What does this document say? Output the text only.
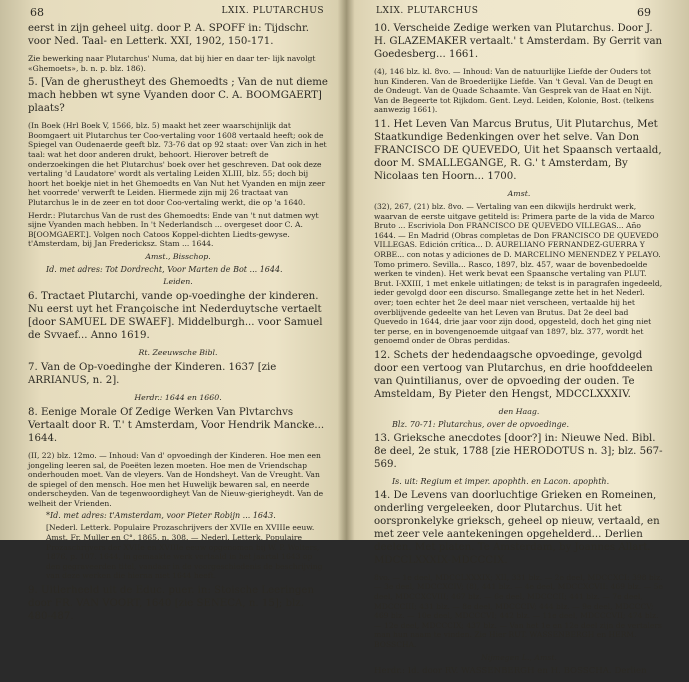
68	LXIX. PLUTARCHUS

eerst in zijn geheel uitg. door P. A. SPOFF in: Tijdschr. voor Ned. Taal- en Letterk. XXI, 1902, 150-171.

Zie bewerking naar Plutarchus' Numa, dat bij hier en daar ter- lijk navolgt «Ghemoets», b. n. p. blz. 186).

5. [Van de gherustheyt des Ghemoedts ; Van de nut dieme mach hebben wt syne Vyanden door C. A. BOOMGAERT] plaats?

(In Boek (Hrl Boek V, 1566, blz. 5) maakt het zeer waarschijnlijk dat Boomgaert uit Plutarchus ter Coo-vertaling voor 1608 vertaald heeft; ook de Spiegel van Oudenaerde geeft blz. 73-76 dat op 92 staat: over Van zich in het taal: wat het door anderen drukt, behoort. Hierover betreft de onderzoekingen die het Plutarchus' boek over het geschreven. Dat ook deze vertaling 'd Laudatore' wordt als vertaling Leiden XLIII, blz. 55; doch bij hoort het boekje niet in het Ghemoedts en Van Nut het Vyanden en mijn zeer het voorrede' verwerft te Leiden. Hiermede zijn mij 26 tractaat van Plutarchus le in de zeer en tot door Coo-vertaling werkt, die op 'a 1640.

Herdr.: Plutarchus Van de rust des Ghemoedts: Ende van 't nut datmen wyt sijne Vyanden mach hebben. In 't Nederlandsch ... overgeset door C. A. B[OOMGAERT.]. Volgen noch Catoos Koppel-dichten Liedts-gewyse. t'Amsterdam, bij Jan Fredericksz. Stam ... 1644.

Amst., Bisschop.

Id. met adres: Tot Dordrecht, Voor Marten de Bot ... 1644.

Leiden.

6. Tractaet Plutarchi, vande op-voedinghe der kinderen. Nu eerst uyt het Françoische int Nederduytsche vertaelt [door SAMUEL DE SWAEF]. Middelburgh... voor Samuel de Svvaef... Anno 1619.

Rt. Zeeuwsche Bibl.

7. Van de Op-voedinghe der Kinderen. 1637 [zie ARRIANUS, n. 2].

Herdr.: 1644 en 1660.

8. Eenige Morale Of Zedige Werken Van Plvtarchvs Vertaalt door R. T.' t Amsterdam, Voor Hendrik Mancke... 1644.

(II, 22) blz. 12mo. — Inhoud: Van d' opvoedingh der Kinderen. Hoe men een jongeling leeren sal, de Poeëten lezen moeten. Hoe men de Vriendschap onderhouden moet. Van de vleyers. Van de Hondsheyt. Van de Vreught. Van de spiegel of den mensch. Hoe men het Huwelijk bewaren sal, en neerde onderscheyden. Van de tegenwoordigheyt Van de Nieuw-gierigheydt. Van de welheit der Vrienden.

*Id. met adres: t'Amsterdam, voor Pieter Robijn ... 1643.

[Nederl. Letterk. Populaire Prozaschrijvers der XVIIe en XVIIIe eeuw. Amst. Fr. Muller en C°, 1865, n. 308. — Nederl. Letterk. Populaire Prozaschrijvers der XVIIe en XVIIIe eeuw opgenomen bij W. P. Wolters, 1876, p. 107. 1644, in gemaakte werk vertaald in het jaartal 1643 op den gegraveerden titel, vandaar in de voorgeschiedenis de beschrijving van deze werken die hierna niet 1644 heeft.

9. Uitlerheeld uit de Educ. puer. in: Stoische Leeringen door FR. VAN VOORT, 1640 [zie SENECA, n. 15]; blz. 480-487.

LXIX. PLUTARCHUS	69

10. Verscheide Zedige werken van Plutarchus. Door J. H. GLAZEMAKER vertaalt.' t Amsterdam. By Gerrit van Goedesberg... 1661.

(4), 146 blz. kl. 8vo. — Inhoud: Van de natuurlijke Liefde der Ouders tot hun Kinderen. Van de Broederlijke Liefde. Van 't Geval. Van de Deugt en de Ondeugt. Van de Quade Schaamte. Van Gesprek van de Haat en Nijt. Van de Begeerte tot Rijkdom. Gent. Leyd. Leiden, Kolonie, Bost. (telkens aanwezig 1661).

11. Het Leven Van Marcus Brutus, Uit Plutarchus, Met Staatkundige Bedenkingen over het selve. Van Don FRANCISCO DE QUEVEDO, Uit het Spaansch vertaald, door M. SMALLEGANGE, R. G.' t Amsterdam, By Nicolaas ten Hoorn... 1700.

Amst.

(32), 267, (21) blz. 8vo. — Vertaling van een dikwijls herdrukt werk, waarvan de eerste uitgave getiteld is: Primera parte de la vida de Marco Bruto ... Escriviola Don FRANCISCO DE QUEVEDO VILLEGAS... Año 1644. — En Madrid (Obras completas de Don FRANCISCO DE QUEVEDO VILLEGAS. Edición crítica... D. AURELIANO FERNANDEZ-GUERRA Y ORBE... con notas y adiciones de D. MARCELINO MENENDEZ Y PELAYO. Tomo primero. Sevilla... Rasco, 1897, blz. 457, waar de bovenbedoelde werken te vinden). Het werk bevat een Spaansche vertaling van PLUT. Brut. I-XXIII, 1 met enkele uitlatingen; de tekst is in paragrafen ingedeeld, ieder gevolgd door een discurso. Smallegange zette het in het Nederl. over; toen echter het 2e deel maar niet verscheen, vertaalde hij het overblijvende gedeelte van het Leven van Brutus. Dat 2e deel bad Quevedo in 1644, drie jaar voor zijn dood, opgesteld, doch het ging niet ter perse, en in bovengenoemde uitgaaf van 1897, blz. 377, wordt het genoemd onder de Obras perdidas.

12. Schets der hedendaagsche opvoedinge, gevolgd door een vertoog van Plutarchus, en drie hoofddeelen van Quintilianus, over de opvoeding der ouden. Te Amsteldam, By Pieter den Hengst, MDCCLXXXIV.

den Haag.

Blz. 70-71: Plutarchus, over de opvoedinge.

13. Grieksche anecdotes [door?] in: Nieuwe Ned. Bibl. 8e deel, 2e stuk, 1788 [zie HERODOTUS n. 3]; blz. 567-569.

Is. uit: Regium et imper. apophth. en Lacon. apophth.

14. De Levens van doorluchtige Grieken en Romeinen, onderling vergeleeken, door Plutarchus. Uit het oorspronkelyke grieksch, geheel op nieuw, vertaald, en met zeer vele aantekeningen opgehelderd... Derlien deelen. Met platen. Te Amsterdam, by Joannes Allart. MDCCLXXXIX-MDCCCIX.

8vo. — 1e deel, MDCCLXXXIX; XII, 331 blz. — 2e deel, MDCCXCI: 398 blz. — 3e deel, MDCCXCIV; (8), 441 blz. — 4e deel, MDCCXCVII: 469 blz. — 5e deel, MDCCXCVIII; 467 blz. — 6e deel, MDCCCII; 441 blz. — 7e deel, MDCCCIII; 431 blz. — 8e deel, MDCCCIV; 444 blz. — 9e deel, MDCCCV; 469 blz. — 10e deel, MDCCCVI; 442 blz. — 11e deel, MDCCCVII; 474 blz. — 12e deel, MDCCCIX; 437 blz. — Van het 1e en 12e deel zijn de vertalers man hun naam te vinden. Zie Hier RUT. WASSENBERGH en HERM. BOSSCHA.

Nijmegen L., Amst.

Herdr.: Id. door RV. WASSENBERGH en H. BOSSCHA. Derlien
